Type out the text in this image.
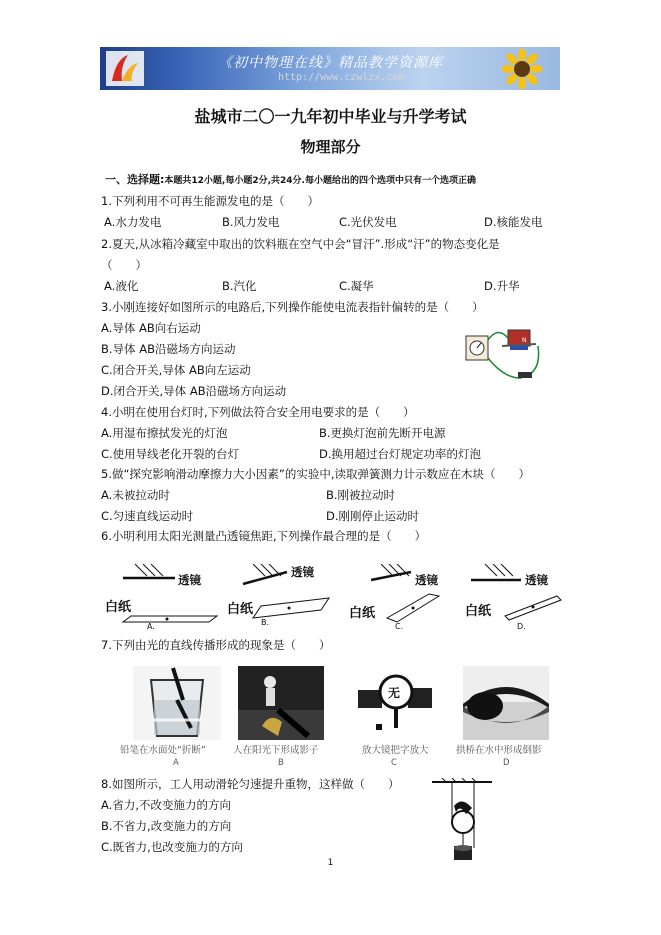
《初中物理在线》精品教学资源库
http://www.czwlzx.com
盐城市二〇一九年初中毕业与升学考试
物理部分
一、选择题:本题共12小题,每小题2分,共24分.每小题给出的四个选项中只有一个选项正确
1.下列利用不可再生能源发电的是（　　）
A.水力发电	B.风力发电	C.光伏发电	D.核能发电
2.夏天,从冰箱冷藏室中取出的饮料瓶在空气中会“冒汗”.形成“汗”的物态变化是
（　　）
A.液化	B.汽化	C.凝华	D.升华
3.小刚连接好如图所示的电路后,下列操作能使电流表指针偏转的是（　　）
A.导体 AB向右运动
B.导体 AB沿磁场方向运动
C.闭合开关,导体 AB向左运动
D.闭合开关,导体 AB沿磁场方向运动
N
4.小明在使用台灯时,下列做法符合安全用电要求的是（　　）
A.用湿布擦拭发光的灯泡	B.更换灯泡前先断开电源
C.使用导线老化开裂的台灯	D.换用超过台灯规定功率的灯泡
5.做“探究影响滑动摩擦力大小因素”的实验中,读取弹簧测力计示数应在木块（　　）
A.未被拉动时	B.刚被拉动时
C.匀速直线运动时	D.刚刚停止运动时
6.小明利用太阳光测量凸透镜焦距,下列操作最合理的是（　　）
透镜
白纸
A.
透镜
白纸
B.
透镜
白纸
C.
透镜
白纸
D.
7.下列由光的直线传播形成的现象是（　　）
无
铅笔在水面处“折断”	人在阳光下形成影子	放大镜把字放大	拱桥在水中形成倒影
A	B	C	D
8.如图所示，工人用动滑轮匀速提升重物，这样做（　　）
A.省力,不改变施力的方向
B.不省力,改变施力的方向
C.既省力,也改变施力的方向
1
